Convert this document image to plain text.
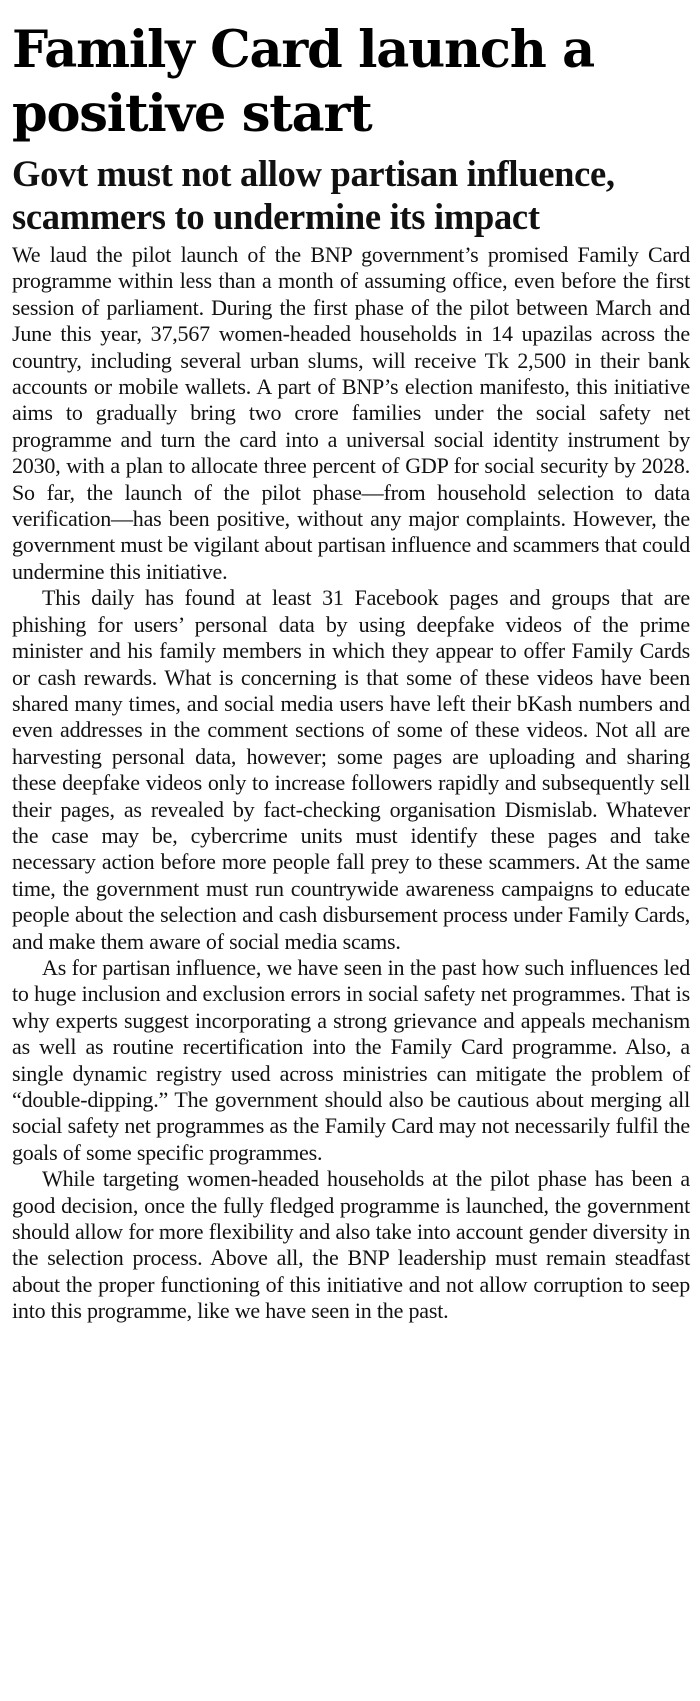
Family Card launch a positive start
Govt must not allow partisan influence, scammers to undermine its impact

We laud the pilot launch of the BNP government’s promised Family Card programme within less than a month of assuming office, even before the first session of parliament. During the first phase of the pilot between March and June this year, 37,567 women-headed households in 14 upazilas across the country, including several urban slums, will receive Tk 2,500 in their bank accounts or mobile wallets. A part of BNP’s election manifesto, this initiative aims to gradually bring two crore families under the social safety net programme and turn the card into a universal social identity instrument by 2030, with a plan to allocate three percent of GDP for social security by 2028. So far, the launch of the pilot phase—from household selection to data verification—has been positive, without any major complaints. However, the government must be vigilant about partisan influence and scammers that could undermine this initiative.

This daily has found at least 31 Facebook pages and groups that are phishing for users’ personal data by using deepfake videos of the prime minister and his family members in which they appear to offer Family Cards or cash rewards. What is concerning is that some of these videos have been shared many times, and social media users have left their bKash numbers and even addresses in the comment sections of some of these videos. Not all are harvesting personal data, however; some pages are uploading and sharing these deepfake videos only to increase followers rapidly and subsequently sell their pages, as revealed by fact-checking organisation Dismislab. Whatever the case may be, cybercrime units must identify these pages and take necessary action before more people fall prey to these scammers. At the same time, the government must run countrywide awareness campaigns to educate people about the selection and cash disbursement process under Family Cards, and make them aware of social media scams.

As for partisan influence, we have seen in the past how such influences led to huge inclusion and exclusion errors in social safety net programmes. That is why experts suggest incorporating a strong grievance and appeals mechanism as well as routine recertification into the Family Card programme. Also, a single dynamic registry used across ministries can mitigate the problem of “double-dipping.” The government should also be cautious about merging all social safety net programmes as the Family Card may not necessarily fulfil the goals of some specific programmes.

While targeting women-headed households at the pilot phase has been a good decision, once the fully fledged programme is launched, the government should allow for more flexibility and also take into account gender diversity in the selection process. Above all, the BNP leadership must remain steadfast about the proper functioning of this initiative and not allow corruption to seep into this programme, like we have seen in the past.
